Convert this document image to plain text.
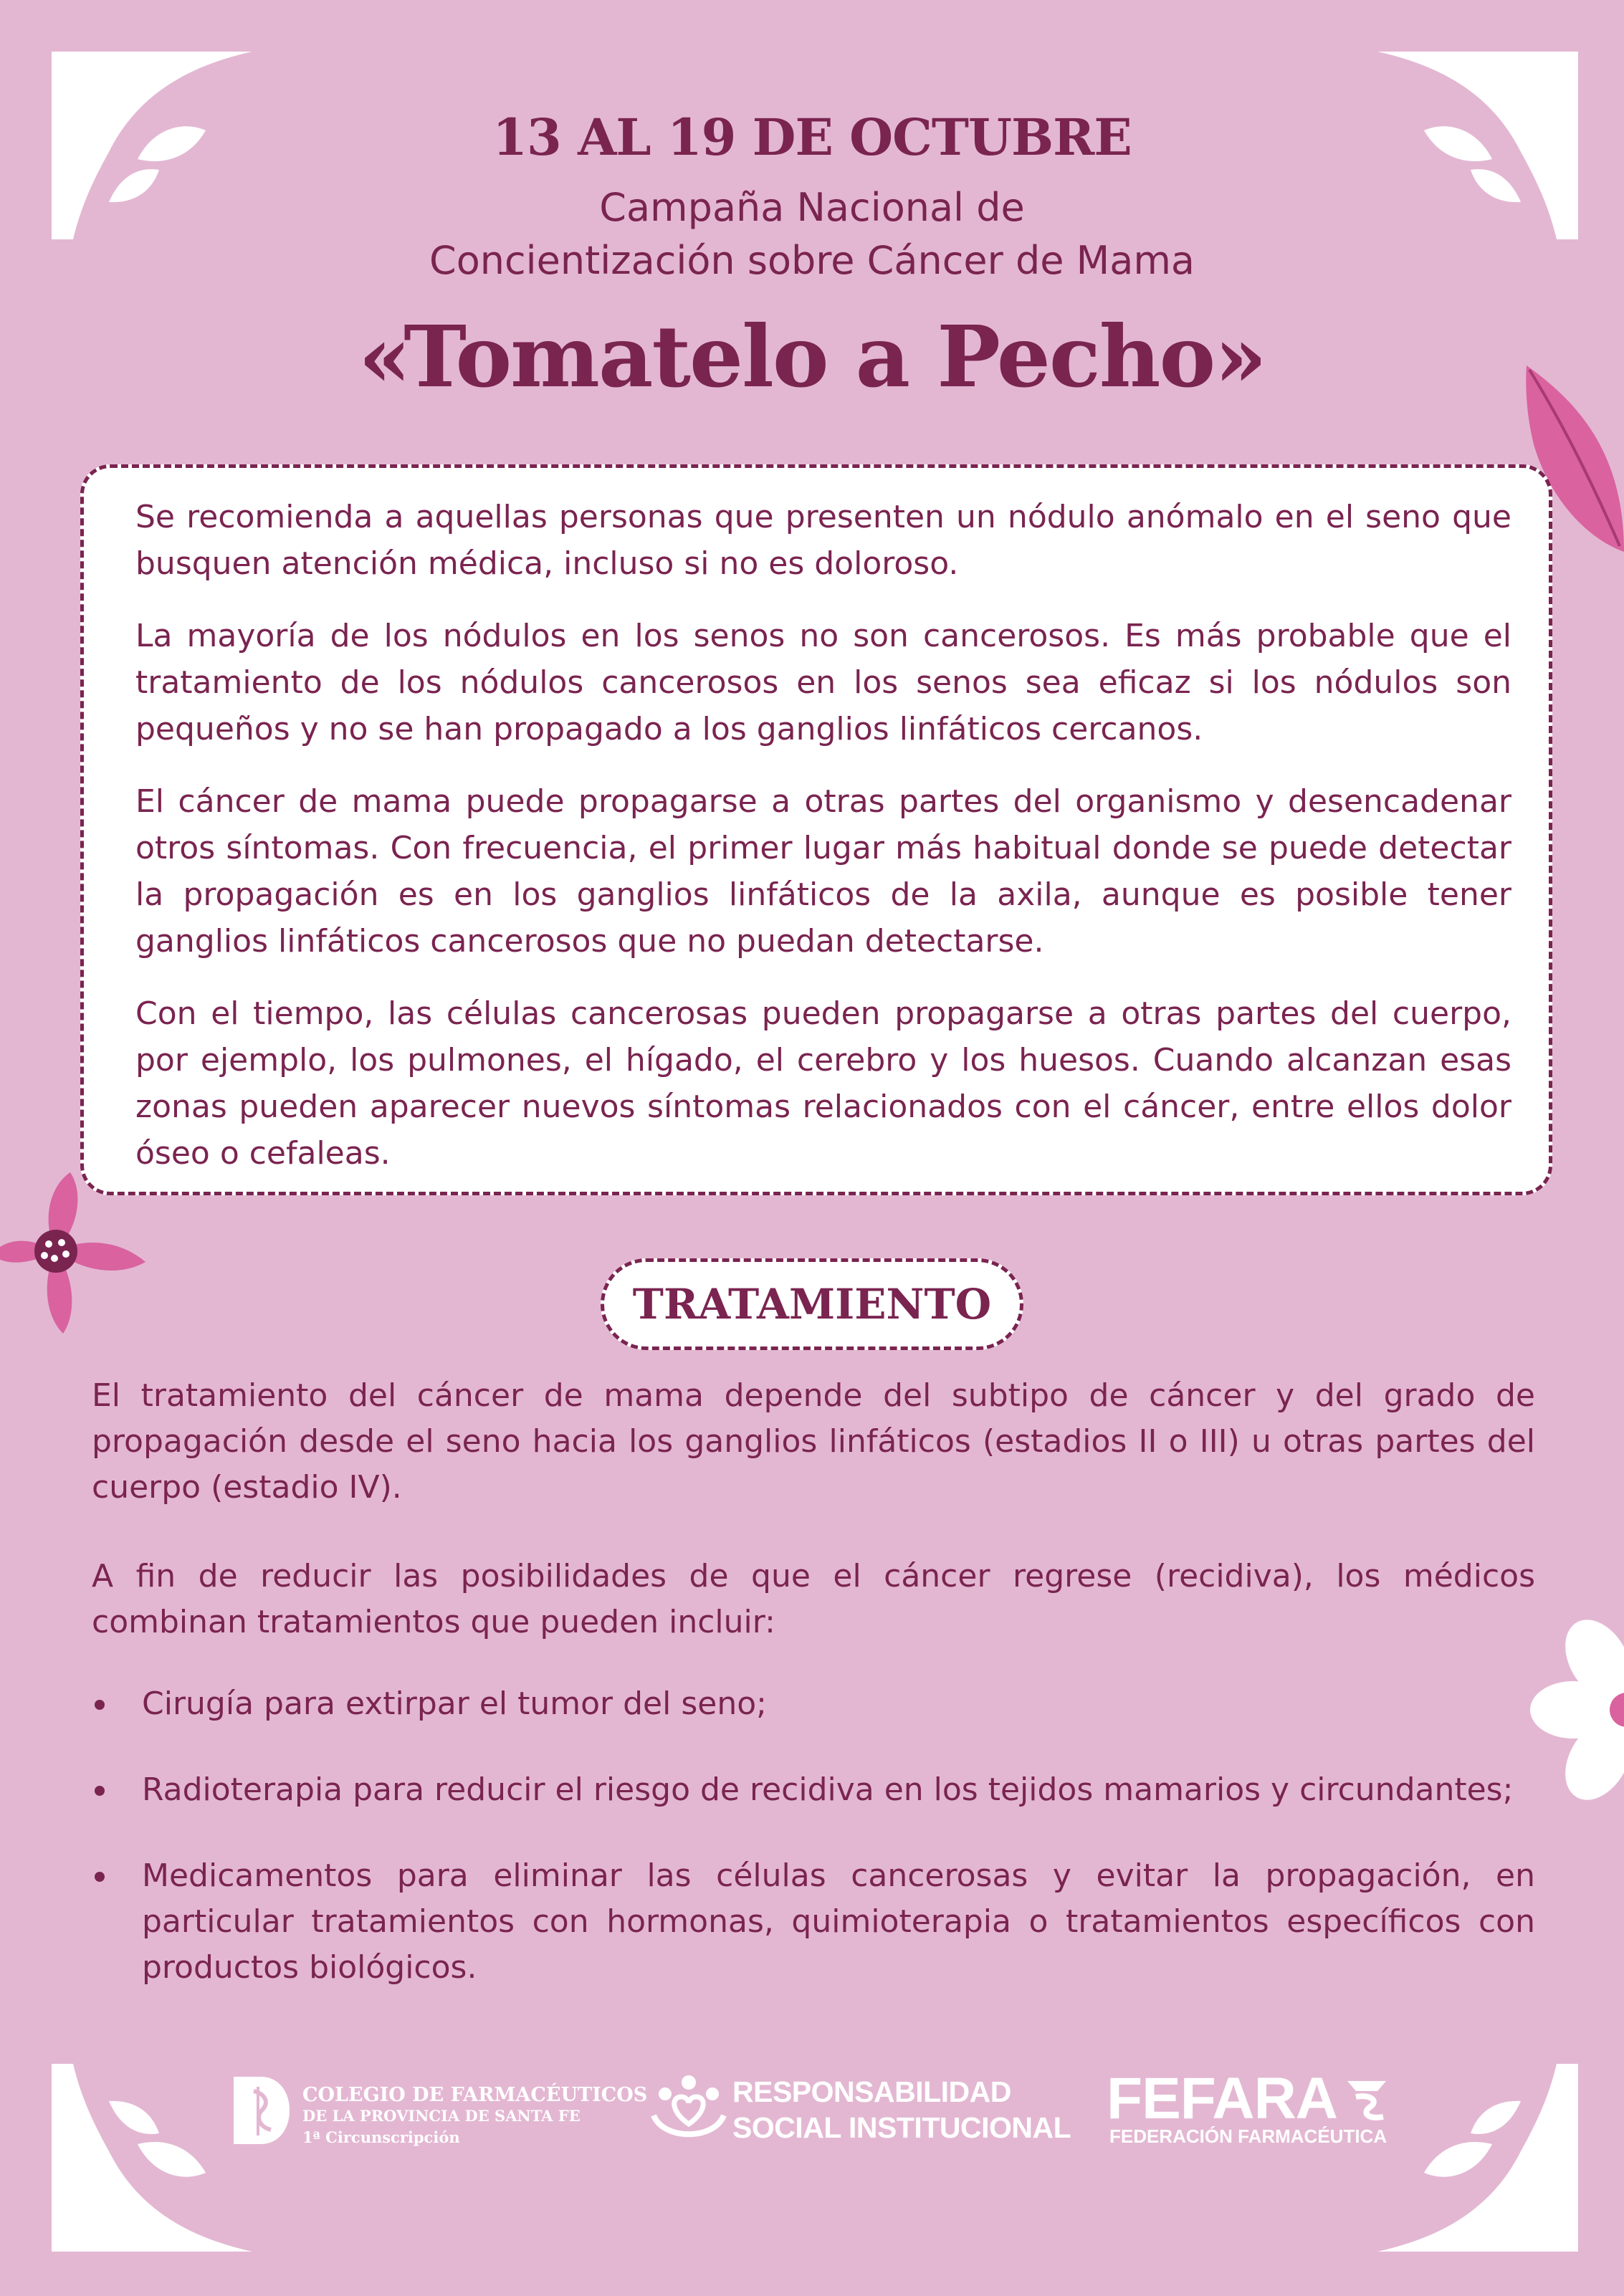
13 AL 19 DE OCTUBRE
Campaña Nacional de
Concientización sobre Cáncer de Mama
«Tomatelo a Pecho»

Se recomienda a aquellas personas que presenten un nódulo anómalo en el seno que busquen atención médica, incluso si no es doloroso.

La mayoría de los nódulos en los senos no son cancerosos. Es más probable que el tratamiento de los nódulos cancerosos en los senos sea eficaz si los nódulos son pequeños y no se han propagado a los ganglios linfáticos cercanos.

El cáncer de mama puede propagarse a otras partes del organismo y desencadenar otros síntomas. Con frecuencia, el primer lugar más habitual donde se puede detectar la propagación es en los ganglios linfáticos de la axila, aunque es posible tener ganglios linfáticos cancerosos que no puedan detectarse.

Con el tiempo, las células cancerosas pueden propagarse a otras partes del cuerpo, por ejemplo, los pulmones, el hígado, el cerebro y los huesos. Cuando alcanzan esas zonas pueden aparecer nuevos síntomas relacionados con el cáncer, entre ellos dolor óseo o cefaleas.

TRATAMIENTO

El tratamiento del cáncer de mama depende del subtipo de cáncer y del grado de propagación desde el seno hacia los ganglios linfáticos (estadios II o III) u otras partes del cuerpo (estadio IV).

A fin de reducir las posibilidades de que el cáncer regrese (recidiva), los médicos combinan tratamientos que pueden incluir:

Cirugía para extirpar el tumor del seno;
Radioterapia para reducir el riesgo de recidiva en los tejidos mamarios y circundantes;
Medicamentos para eliminar las células cancerosas y evitar la propagación, en particular tratamientos con hormonas, quimioterapia o tratamientos específicos con productos biológicos.
COLEGIO DE FARMACÉUTICOS
DE LA PROVINCIA DE SANTA FE
1ª Circunscripción
RESPONSABILIDAD
SOCIAL INSTITUCIONAL FEFARA
FEDERACIÓN FARMACÉUTICA
